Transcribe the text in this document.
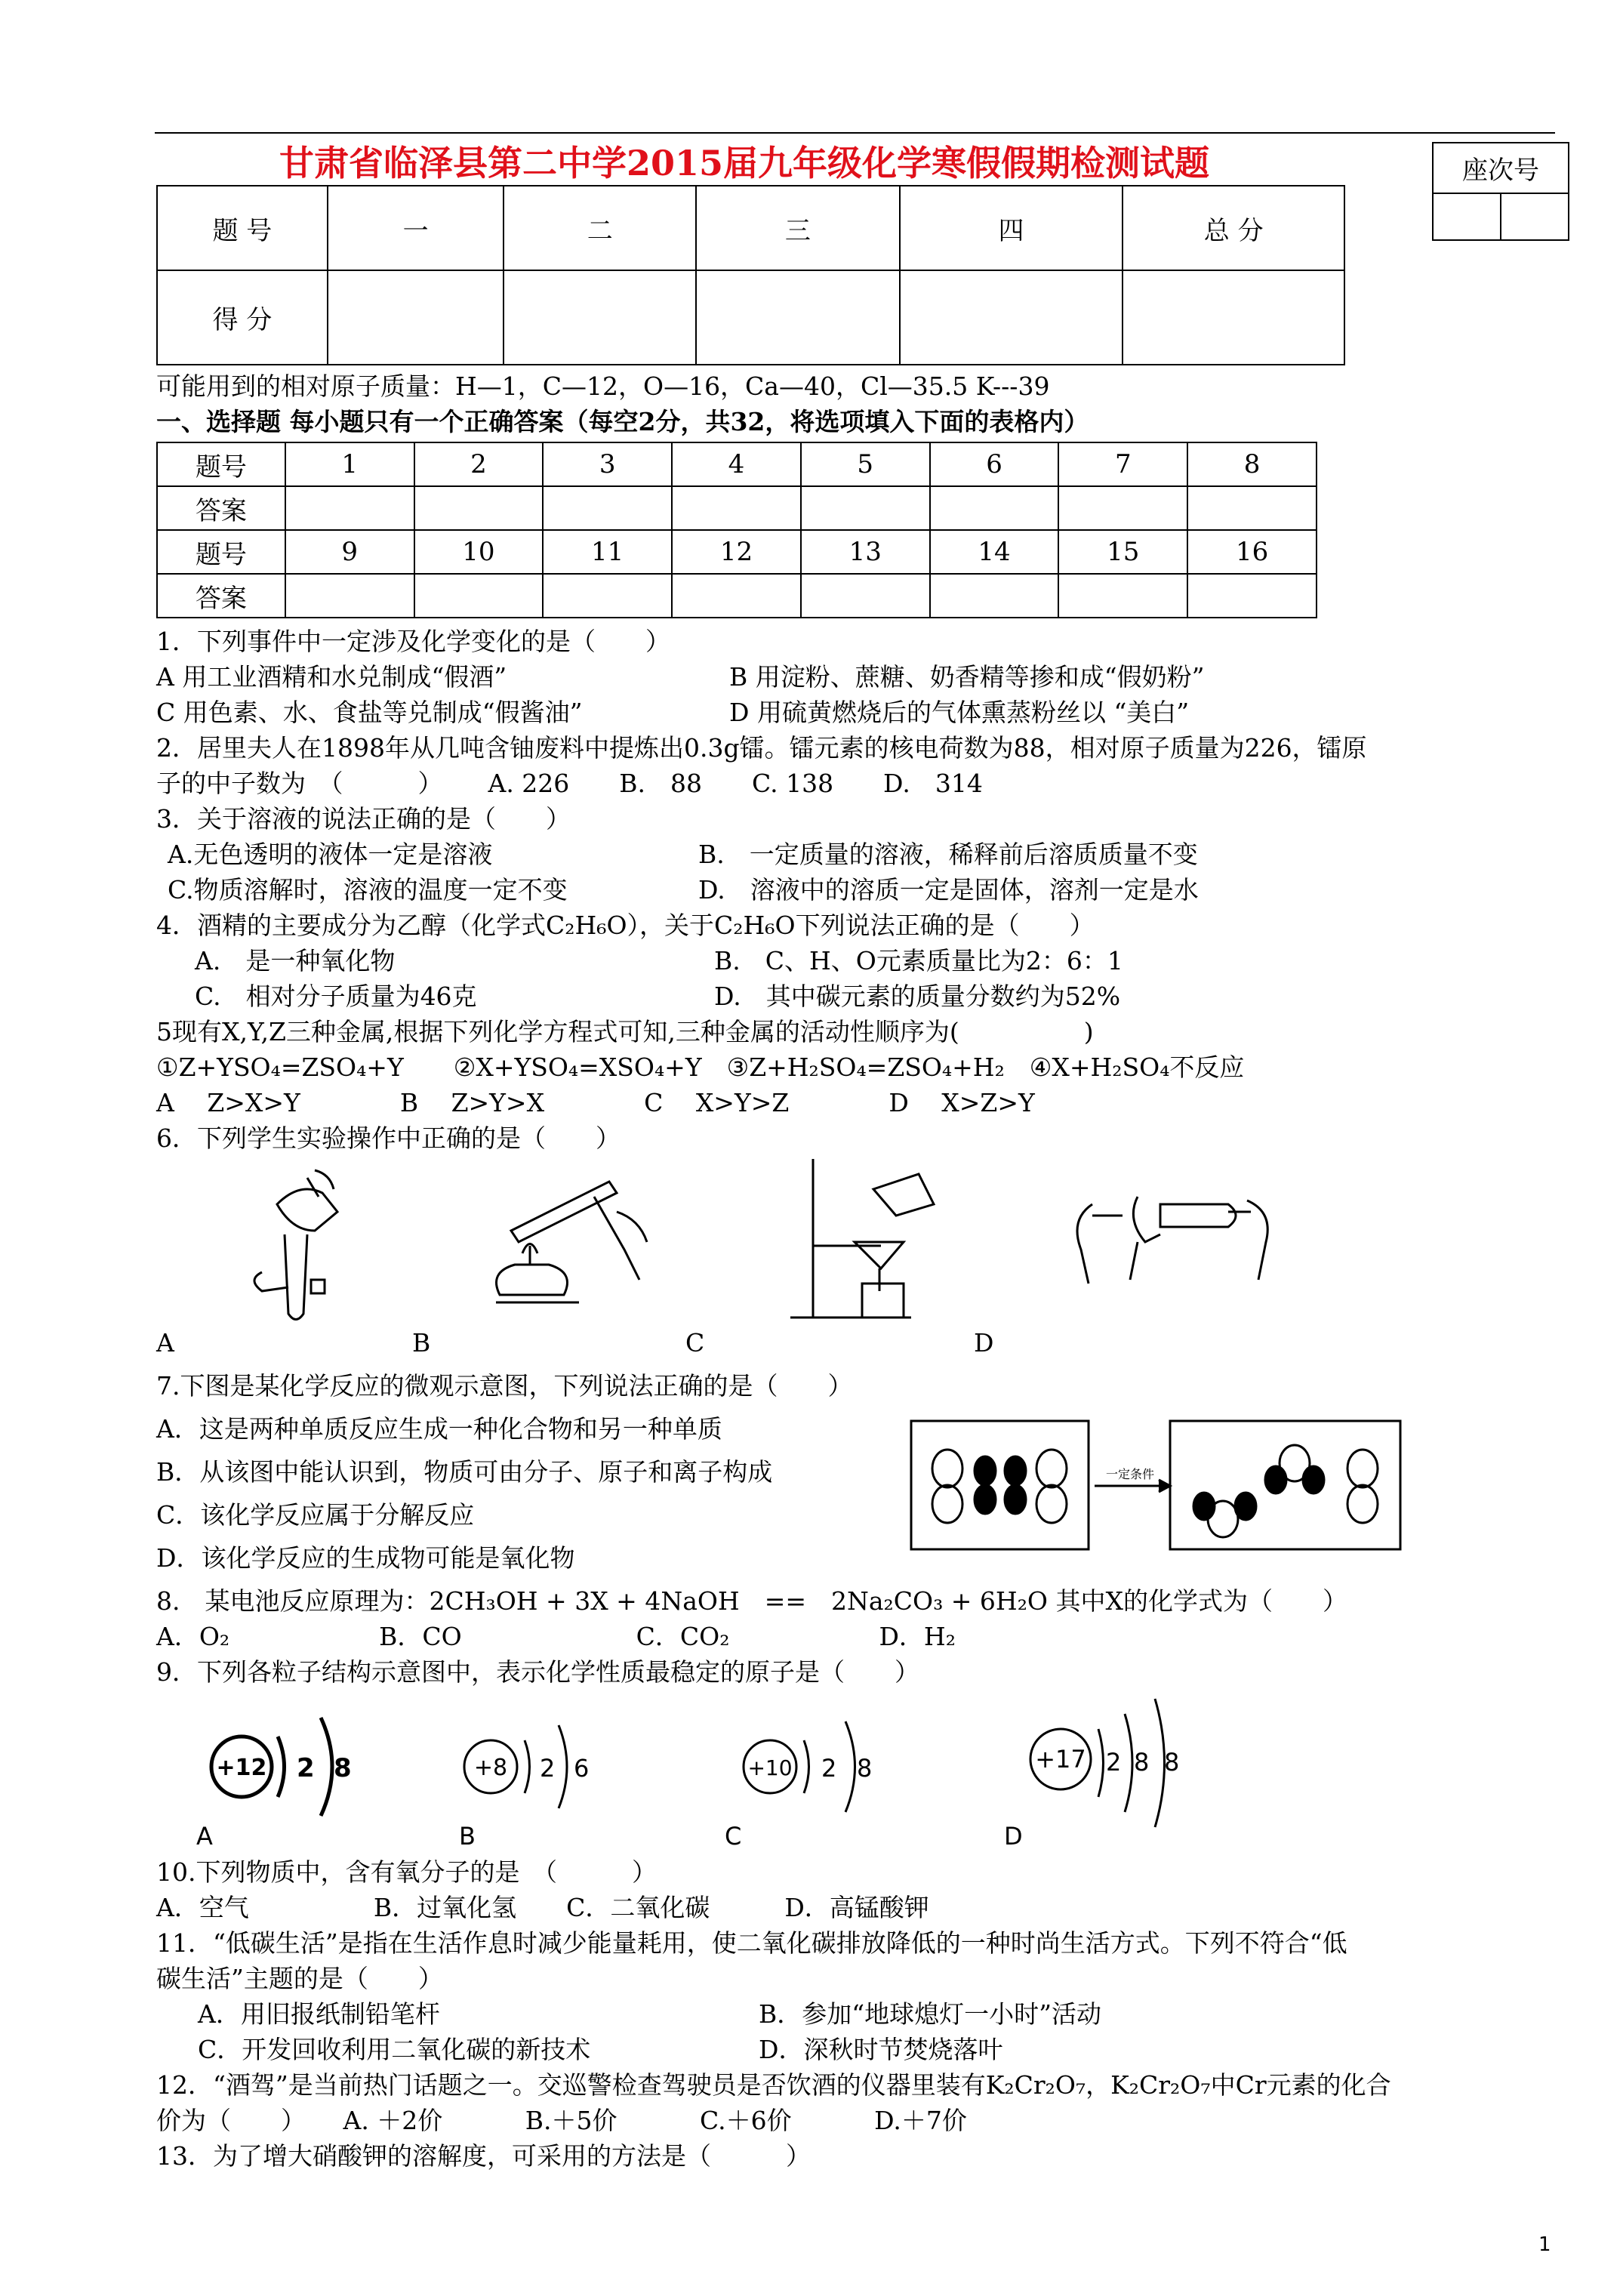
甘肃省临泽县第二中学2015届九年级化学寒假假期检测试题	座次号

题 号	一	二	三	四	总 分
得 分					
可能用到的相对原子质量：H—1，C—12，O—16，Ca—40，Cl—35.5 K---39
一、选择题 每小题只有一个正确答案（每空2分，共32，将选项填入下面的表格内）
题号	1	2	3	4	5	6	7	8
答案								
题号	9	10	11	12	13	14	15	16
答案								
1．下列事件中一定涉及化学变化的是（　　）
A 用工业酒精和水兑制成“假酒”	B 用淀粉、蔗糖、奶香精等掺和成“假奶粉”
C 用色素、水、食盐等兑制成“假酱油”	D 用硫黄燃烧后的气体熏蒸粉丝以 “美白”
2．居里夫人在1898年从几吨含铀废料中提炼出0.3g镭。镭元素的核电荷数为88，相对原子质量为226，镭原
子的中子数为　（　　　）　　 A. 226　　B.　88　　C. 138　　D.　314
3．关于溶液的说法正确的是（　　）
A.无色透明的液体一定是溶液	B.　一定质量的溶液，稀释前后溶质质量不变
C.物质溶解时，溶液的温度一定不变	D.　溶液中的溶质一定是固体，溶剂一定是水
4．酒精的主要成分为乙醇（化学式C₂H₆O），关于C₂H₆O下列说法正确的是（　　）
A.　是一种氧化物	B.　C、H、O元素质量比为2：6：1
C.　相对分子质量为46克	D.　其中碳元素的质量分数约为52%
5现有X,Y,Z三种金属,根据下列化学方程式可知,三种金属的活动性顺序为(　　　　　)
①Z+YSO₄=ZSO₄+Y　　②X+YSO₄=XSO₄+Y　③Z+H₂SO₄=ZSO₄+H₂　④X+H₂SO₄不反应
A　 Z>X>Y　　　　B　 Z>Y>X　　　　C　 X>Y>Z　　　　D　 X>Z>Y
6．下列学生实验操作中正确的是（　　）
A	B	C	D
7.下图是某化学反应的微观示意图，下列说法正确的是（　　）
A．这是两种单质反应生成一种化合物和另一种单质
B．从该图中能认识到，物质可由分子、原子和离子构成
C．该化学反应属于分解反应
D．该化学反应的生成物可能是氧化物
一定条件
8.　某电池反应原理为：2CH₃OH + 3X + 4NaOH　==　2Na₂CO₃ + 6H₂O 其中X的化学式为（　　）
A．O₂　　　　　　B．CO　　　　　　　C．CO₂　　　　　　D．H₂
9．下列各粒子结构示意图中，表示化学性质最稳定的原子是（　　）
+12 2 8
A
+8 2 6
B
+10 2 8
C
+17 2 8 8
D
10.下列物质中，含有氧分子的是　（　　　）
A．空气　　　　　B．过氧化氢　　C．二氧化碳　　　D．高锰酸钾
11．“低碳生活”是指在生活作息时减少能量耗用，使二氧化碳排放降低的一种时尚生活方式。下列不符合“低
碳生活”主题的是（　　）
A．用旧报纸制铅笔杆	B．参加“地球熄灯一小时”活动
C．开发回收利用二氧化碳的新技术	D．深秋时节焚烧落叶
12．“酒驾”是当前热门话题之一。交巡警检查驾驶员是否饮酒的仪器里装有K₂Cr₂O₇，K₂Cr₂O₇中Cr元素的化合
价为（　　）　　A. ＋2价　　　 B.＋5价　　　 C.＋6价　　　 D.＋7价
13．为了增大硝酸钾的溶解度，可采用的方法是（　　　）
1
